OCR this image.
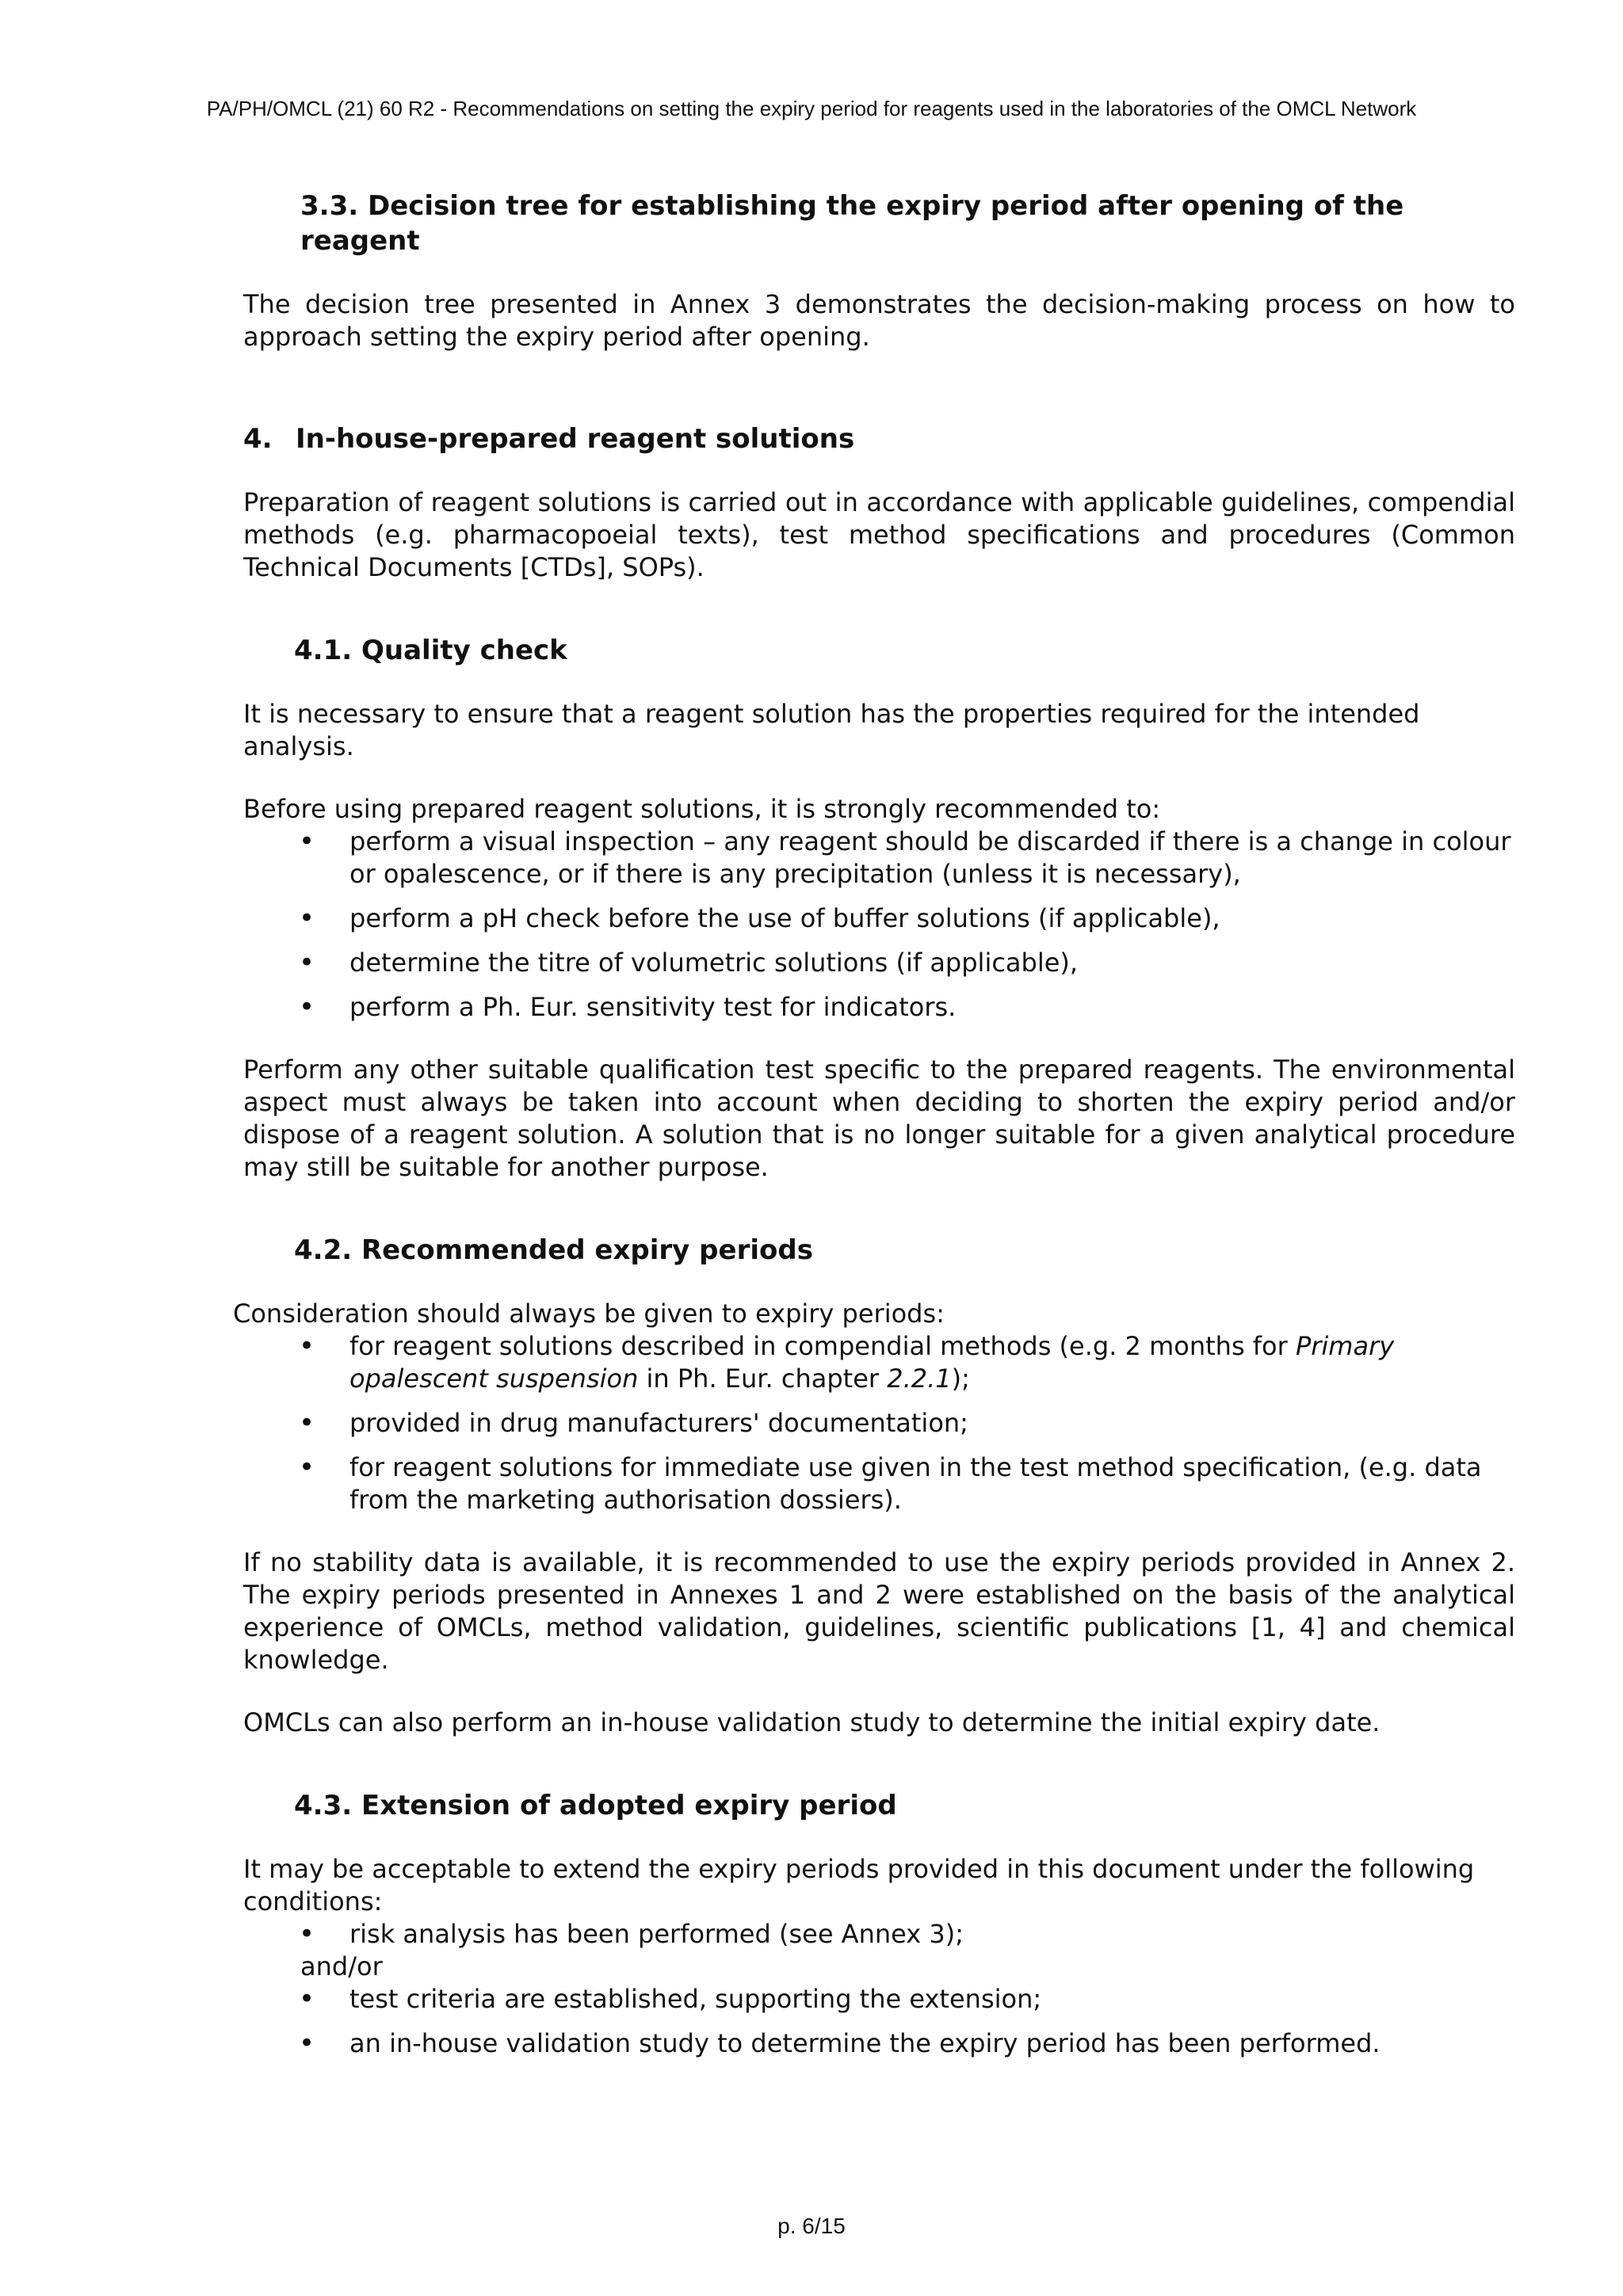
PA/PH/OMCL (21) 60 R2 - Recommendations on setting the expiry period for reagents used in the laboratories of the OMCL Network
3.3. Decision tree for establishing the expiry period after opening of the reagent

The decision tree presented in Annex 3 demonstrates the decision-making process on how to approach setting the expiry period after opening.

4. In-house-prepared reagent solutions

Preparation of reagent solutions is carried out in accordance with applicable guidelines, compendial methods (e.g. pharmacopoeial texts), test method specifications and procedures (Common Technical Documents [CTDs], SOPs).

4.1. Quality check

It is necessary to ensure that a reagent solution has the properties required for the intended analysis.

Before using prepared reagent solutions, it is strongly recommended to:

• perform a visual inspection – any reagent should be discarded if there is a change in colour or opalescence, or if there is any precipitation (unless it is necessary),
• perform a pH check before the use of buffer solutions (if applicable),
• determine the titre of volumetric solutions (if applicable),
• perform a Ph. Eur. sensitivity test for indicators.

Perform any other suitable qualification test specific to the prepared reagents. The environmental aspect must always be taken into account when deciding to shorten the expiry period and/or dispose of a reagent solution. A solution that is no longer suitable for a given analytical procedure may still be suitable for another purpose.

4.2. Recommended expiry periods

Consideration should always be given to expiry periods:

• for reagent solutions described in compendial methods (e.g. 2 months for Primary opalescent suspension in Ph. Eur. chapter 2.2.1);
• provided in drug manufacturers' documentation;
• for reagent solutions for immediate use given in the test method specification, (e.g. data from the marketing authorisation dossiers).

If no stability data is available, it is recommended to use the expiry periods provided in Annex 2. The expiry periods presented in Annexes 1 and 2 were established on the basis of the analytical experience of OMCLs, method validation, guidelines, scientific publications [1, 4] and chemical knowledge.

OMCLs can also perform an in-house validation study to determine the initial expiry date.

4.3. Extension of adopted expiry period

It may be acceptable to extend the expiry periods provided in this document under the following conditions:

• risk analysis has been performed (see Annex 3);
and/or
• test criteria are established, supporting the extension;
• an in-house validation study to determine the expiry period has been performed.
p. 6/15
